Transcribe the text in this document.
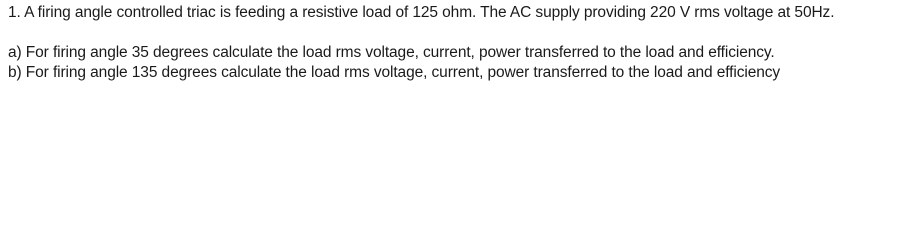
1. A firing angle controlled triac is feeding a resistive load of 125 ohm. The AC supply providing 220 V rms voltage at 50Hz.
a) For firing angle 35 degrees calculate the load rms voltage, current, power transferred to the load and efficiency.
b) For firing angle 135 degrees calculate the load rms voltage, current, power transferred to the load and efficiency
